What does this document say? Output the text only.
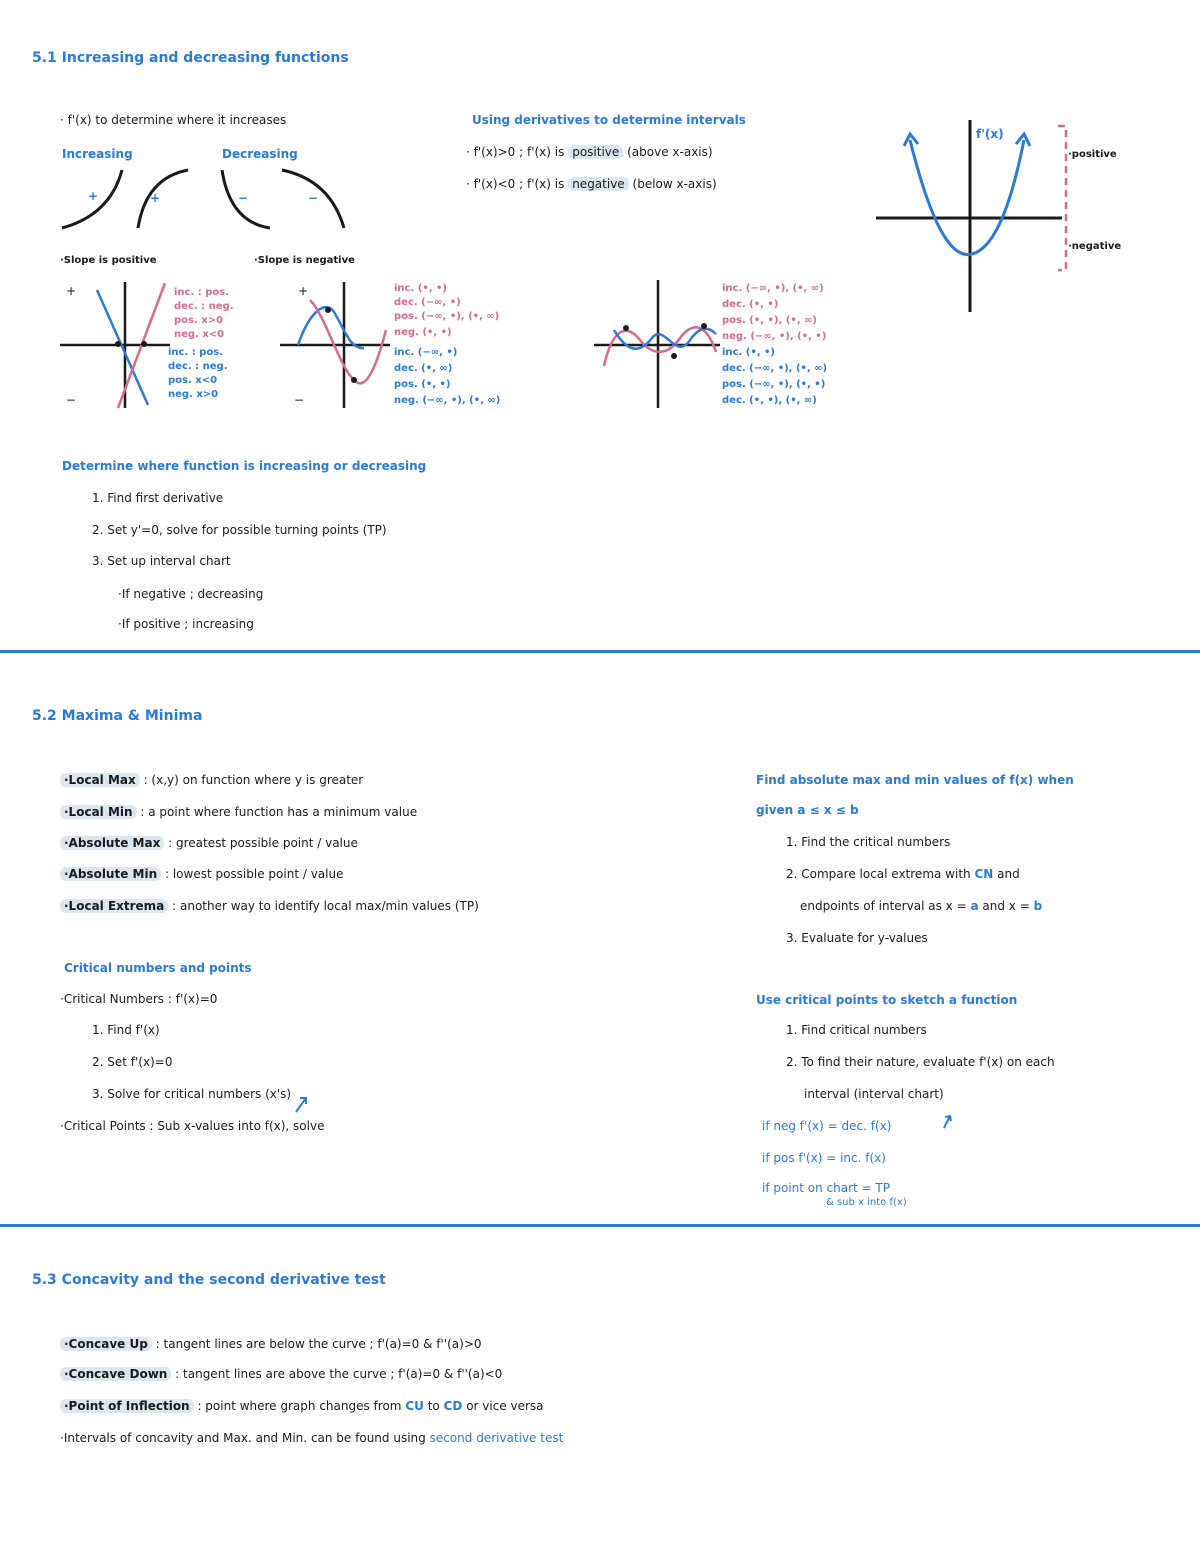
5.1 Increasing and decreasing functions
· f'(x) to determine where it increases
Increasing	Decreasing
+	+	−	−
·Slope is positive	·Slope is negative
+
−
+
−
inc. : pos.
dec. : neg.
pos. x>0
neg. x<0
inc. : pos.
dec. : neg.
pos. x<0
neg. x>0
inc. (•, •)
dec. (−∞, •)
pos. (−∞, •), (•, ∞)
neg. (•, •)
inc. (−∞, •)
dec. (•, ∞)
pos. (•, •)
neg. (−∞, •), (•, ∞)
inc. (−∞, •), (•, ∞)
dec. (•, •)
pos. (•, •), (•, ∞)
neg. (−∞, •), (•, •)
inc. (•, •)
dec. (−∞, •), (•, ∞)
pos. (−∞, •), (•, •)
dec. (•, •), (•, ∞)
Using derivatives to determine intervals
· f'(x)>0 ; f'(x) is positive (above x-axis)
· f'(x)<0 ; f'(x) is negative (below x-axis)
f'(x)
·positive
·negative
Determine where function is increasing or decreasing
1. Find first derivative
2. Set y'=0, solve for possible turning points (TP)
3. Set up interval chart
·If negative ; decreasing
·If positive ; increasing
5.2 Maxima & Minima
·Local Max : (x,y) on function where y is greater
·Local Min : a point where function has a minimum value
·Absolute Max : greatest possible point / value
·Absolute Min : lowest possible point / value
·Local Extrema : another way to identify local max/min values (TP)
Critical numbers and points
·Critical Numbers : f'(x)=0
1. Find f'(x)
2. Set f'(x)=0
3. Solve for critical numbers (x's)
·Critical Points : Sub x-values into f(x), solve
Find absolute max and min values of f(x) when
given a ≤ x ≤ b
1. Find the critical numbers
2. Compare local extrema with CN and
endpoints of interval as x = a and x = b
3. Evaluate for y-values
Use critical points to sketch a function
1. Find critical numbers
2. To find their nature, evaluate f'(x) on each
interval (interval chart)
if neg f'(x) = dec. f(x)
if pos f'(x) = inc. f(x)
if point on chart = TP
& sub x into f(x)
5.3 Concavity and the second derivative test
·Concave Up : tangent lines are below the curve ; f'(a)=0 & f''(a)>0
·Concave Down : tangent lines are above the curve ; f'(a)=0 & f''(a)<0
·Point of Inflection : point where graph changes from CU to CD or vice versa
·Intervals of concavity and Max. and Min. can be found using second derivative test
